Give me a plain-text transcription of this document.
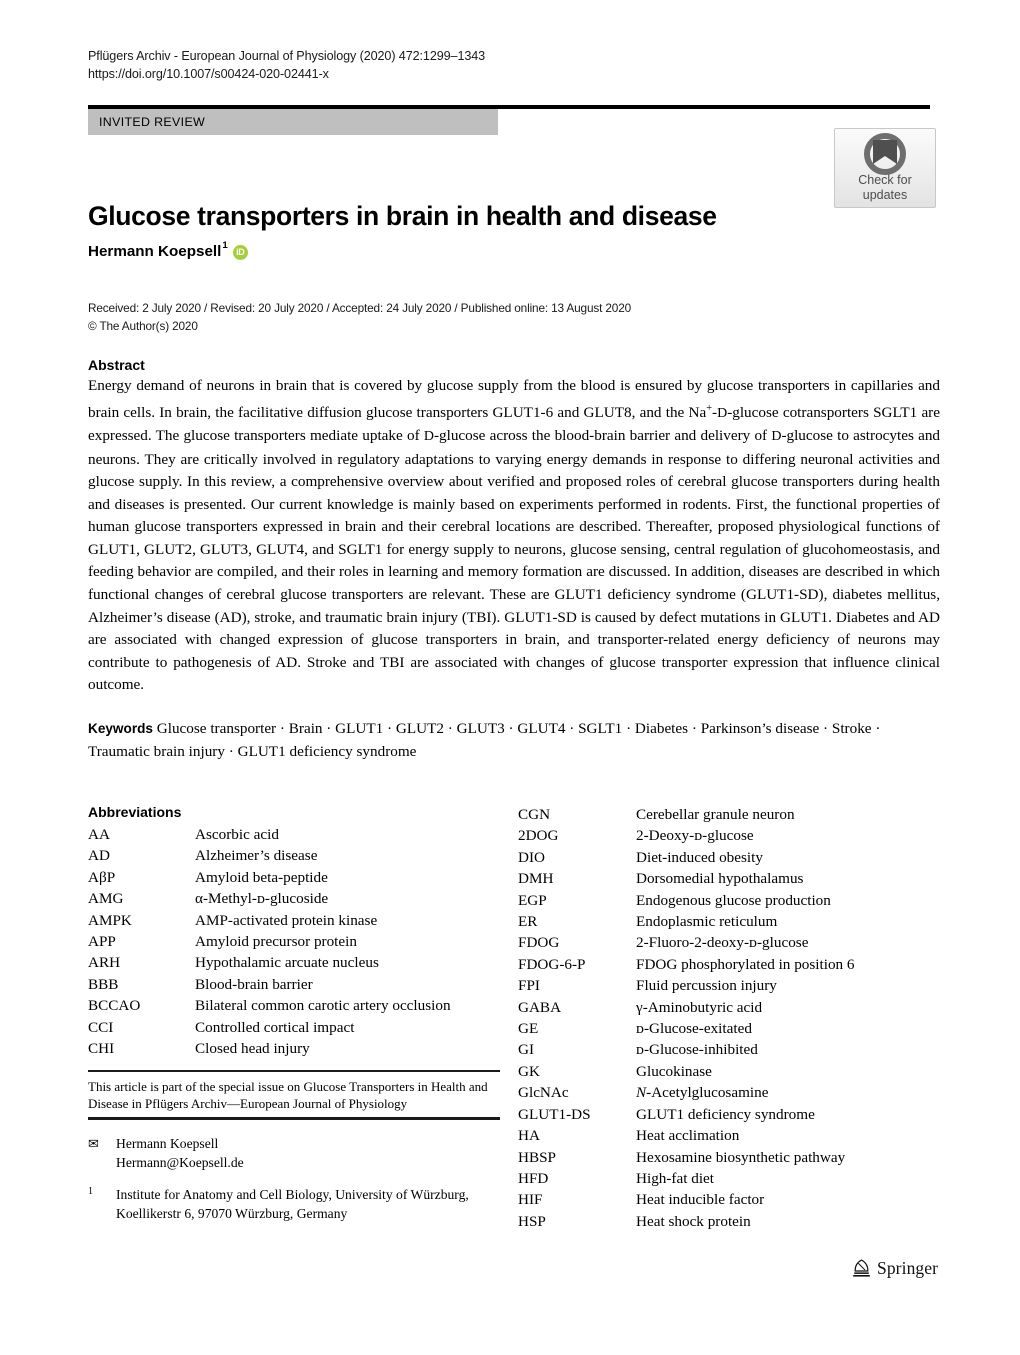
Pflügers Archiv - European Journal of Physiology (2020) 472:1299–1343
https://doi.org/10.1007/s00424-020-02441-x
INVITED REVIEW
Check for
updates
Glucose transporters in brain in health and disease
Hermann Koepsell 1
iD
Received: 2 July 2020 / Revised: 20 July 2020 / Accepted: 24 July 2020 / Published online: 13 August 2020
© The Author(s) 2020
Abstract
Energy demand of neurons in brain that is covered by glucose supply from the blood is ensured by glucose transporters in capillaries and brain cells. In brain, the facilitative diffusion glucose transporters GLUT1-6 and GLUT8, and the Na+-D-glucose cotransporters SGLT1 are expressed. The glucose transporters mediate uptake of D-glucose across the blood-brain barrier and delivery of D-glucose to astrocytes and neurons. They are critically involved in regulatory adaptations to varying energy demands in response to differing neuronal activities and glucose supply. In this review, a comprehensive overview about verified and proposed roles of cerebral glucose transporters during health and diseases is presented. Our current knowledge is mainly based on experiments performed in rodents. First, the functional properties of human glucose transporters expressed in brain and their cerebral locations are described. Thereafter, proposed physiological functions of GLUT1, GLUT2, GLUT3, GLUT4, and SGLT1 for energy supply to neurons, glucose sensing, central regulation of glucohomeostasis, and feeding behavior are compiled, and their roles in learning and memory formation are discussed. In addition, diseases are described in which functional changes of cerebral glucose transporters are relevant. These are GLUT1 deficiency syndrome (GLUT1-SD), diabetes mellitus, Alzheimer’s disease (AD), stroke, and traumatic brain injury (TBI). GLUT1-SD is caused by defect mutations in GLUT1. Diabetes and AD are associated with changed expression of glucose transporters in brain, and transporter-related energy deficiency of neurons may contribute to pathogenesis of AD. Stroke and TBI are associated with changes of glucose transporter expression that influence clinical outcome.
Keywords Glucose transporter · Brain · GLUT1 · GLUT2 · GLUT3 · GLUT4 · SGLT1 · Diabetes · Parkinson’s disease · Stroke · Traumatic brain injury · GLUT1 deficiency syndrome
Abbreviations
AA	Ascorbic acid
AD	Alzheimer’s disease
AβP	Amyloid beta-peptide
AMG	α-Methyl-ᴅ-glucoside
AMPK	AMP-activated protein kinase
APP	Amyloid precursor protein
ARH	Hypothalamic arcuate nucleus
BBB	Blood-brain barrier
BCCAO	Bilateral common carotic artery occlusion
CCI	Controlled cortical impact
CHI	Closed head injury
CGN	Cerebellar granule neuron
2DOG	2-Deoxy-ᴅ-glucose
DIO	Diet-induced obesity
DMH	Dorsomedial hypothalamus
EGP	Endogenous glucose production
ER	Endoplasmic reticulum
FDOG	2-Fluoro-2-deoxy-ᴅ-glucose
FDOG-6-P	FDOG phosphorylated in position 6
FPI	Fluid percussion injury
GABA	γ-Aminobutyric acid
GE	ᴅ-Glucose-exitated
GI	ᴅ-Glucose-inhibited
GK	Glucokinase
GlcNAc	N-Acetylglucosamine
GLUT1-DS	GLUT1 deficiency syndrome
HA	Heat acclimation
HBSP	Hexosamine biosynthetic pathway
HFD	High-fat diet
HIF	Heat inducible factor
HSP	Heat shock protein
This article is part of the special issue on Glucose Transporters in Health and Disease in Pflügers Archiv—European Journal of Physiology
✉ Hermann Koepsell
Hermann@Koepsell.de
1 Institute for Anatomy and Cell Biology, University of Würzburg,
Koellikerstr 6, 97070 Würzburg, Germany
Springer
